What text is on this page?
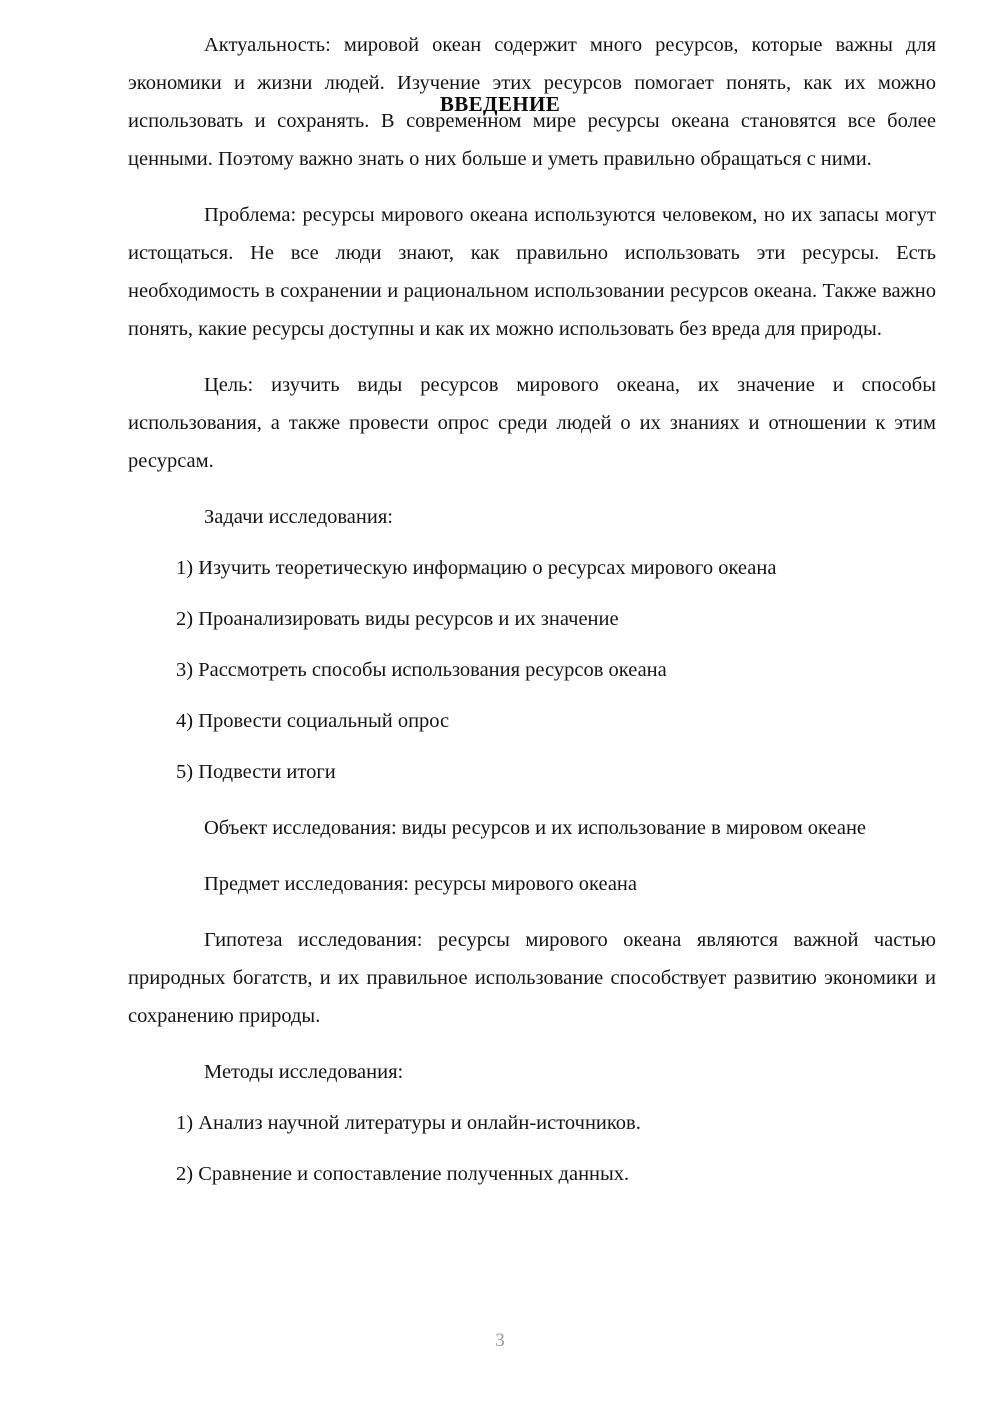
ВВЕДЕНИЕ

Актуальность: мировой океан содержит много ресурсов, которые важны для экономики и жизни людей. Изучение этих ресурсов помогает понять, как их можно использовать и сохранять. В современном мире ресурсы океана становятся все более ценными. Поэтому важно знать о них больше и уметь правильно обращаться с ними.

Проблема: ресурсы мирового океана используются человеком, но их запасы могут истощаться. Не все люди знают, как правильно использовать эти ресурсы. Есть необходимость в сохранении и рациональном использовании ресурсов океана. Также важно понять, какие ресурсы доступны и как их можно использовать без вреда для природы.

Цель: изучить виды ресурсов мирового океана, их значение и способы использования, а также провести опрос среди людей о их знаниях и отношении к этим ресурсам.

Задачи исследования:

1) Изучить теоретическую информацию о ресурсах мирового океана

2) Проанализировать виды ресурсов и их значение

3) Рассмотреть способы использования ресурсов океана

4) Провести социальный опрос

5) Подвести итоги

Объект исследования: виды ресурсов и их использование в мировом океане

Предмет исследования: ресурсы мирового океана

Гипотеза исследования: ресурсы мирового океана являются важной частью природных богатств, и их правильное использование способствует развитию экономики и сохранению природы.

Методы исследования:

1) Анализ научной литературы и онлайн-источников.

2) Сравнение и сопоставление полученных данных.

3
